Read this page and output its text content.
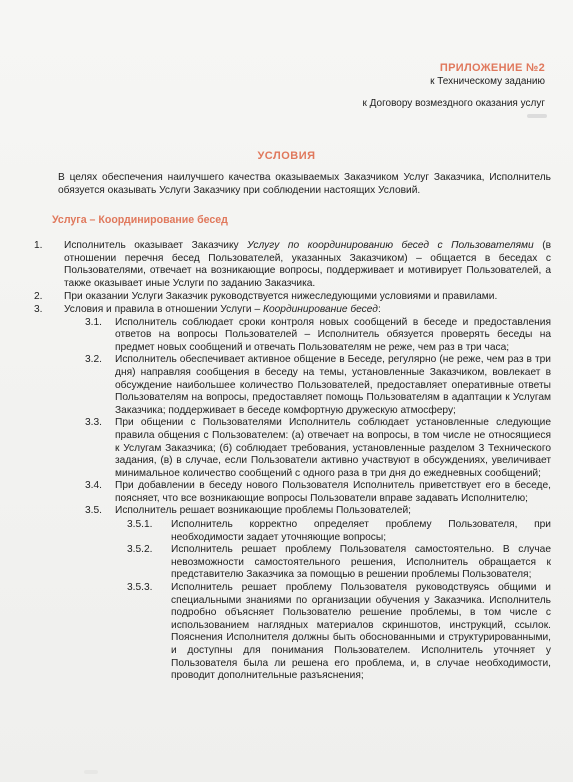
ПРИЛОЖЕНИЕ №2
к Техническому заданию
к Договору возмездного оказания услуг
УСЛОВИЯ
В целях обеспечения наилучшего качества оказываемых Заказчиком Услуг Заказчика, Исполнитель обязуется оказывать Услуги Заказчику при соблюдении настоящих Условий.
Услуга – Координирование бесед
1.	Исполнитель оказывает Заказчику Услугу по координированию бесед с Пользователями (в отношении перечня бесед Пользователей, указанных Заказчиком) – общается в беседах с Пользователями, отвечает на возникающие вопросы, поддерживает и мотивирует Пользователей, а также оказывает иные Услуги по заданию Заказчика.
2.	При оказании Услуги Заказчик руководствуется нижеследующими условиями и правилами.
3.	Условия и правила в отношении Услуги – Координирование бесед:
3.1.	Исполнитель соблюдает сроки контроля новых сообщений в беседе и предоставления ответов на вопросы Пользователей – Исполнитель обязуется проверять беседы на предмет новых сообщений и отвечать Пользователям не реже, чем раз в три часа;
3.2.	Исполнитель обеспечивает активное общение в Беседе, регулярно (не реже, чем раз в три дня) направляя сообщения в беседу на темы, установленные Заказчиком, вовлекает в обсуждение наибольшее количество Пользователей, предоставляет оперативные ответы Пользователям на вопросы, предоставляет помощь Пользователям в адаптации к Услугам Заказчика; поддерживает в беседе комфортную дружескую атмосферу;
3.3.	При общении с Пользователями Исполнитель соблюдает установленные следующие правила общения с Пользователем: (а) отвечает на вопросы, в том числе не относящиеся к Услугам Заказчика; (б) соблюдает требования, установленные разделом 3 Технического задания, (в) в случае, если Пользователи активно участвуют в обсуждениях, увеличивает минимальное количество сообщений с одного раза в три дня до ежедневных сообщений;
3.4.	При добавлении в беседу нового Пользователя Исполнитель приветствует его в беседе, поясняет, что все возникающие вопросы Пользователи вправе задавать Исполнителю;
3.5.	Исполнитель решает возникающие проблемы Пользователей;
3.5.1.	Исполнитель корректно определяет проблему Пользователя, при необходимости задает уточняющие вопросы;
3.5.2.	Исполнитель решает проблему Пользователя самостоятельно. В случае невозможности самостоятельного решения, Исполнитель обращается к представителю Заказчика за помощью в решении проблемы Пользователя;
3.5.3.	Исполнитель решает проблему Пользователя руководствуясь общими и специальными знаниями по организации обучения у Заказчика. Исполнитель подробно объясняет Пользователю решение проблемы, в том числе с использованием наглядных материалов скриншотов, инструкций, ссылок. Пояснения Исполнителя должны быть обоснованными и структурированными, и доступны для понимания Пользователем. Исполнитель уточняет у Пользователя была ли решена его проблема, и, в случае необходимости, проводит дополнительные разъяснения;
